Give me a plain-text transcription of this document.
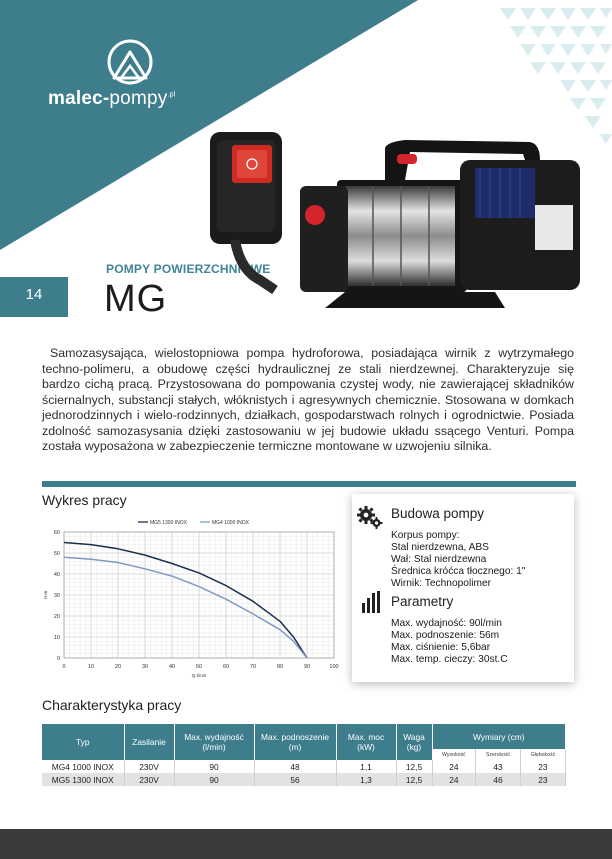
malec-pompy$^{.pl}$
14
POMPY POWIERZCHNIOWE
MG

Samozasysająca, wielostopniowa pompa hydroforowa, posiadająca wirnik z wytrzymałego techno-polimeru, a obudowę części hydraulicznej ze stali nierdzewnej. Charakteryzuje się bardzo cichą pracą. Przystosowana do pompowania czystej wody, nie zawierającej składników ściernalnych, substancji stałych, włóknistych i agresywnych chemicznie. Stosowana w domkach jednorodzinnych i wielo-rodzinnych, działkach, gospodarstwach rolnych i ogrodnictwie. Posiada zdolność samozasysania dzięki zastosowaniu w jej budowie układu ssącego Venturi. Pompa została wyposażona w zabezpieczenie termiczne montowane w uzwojeniu silnika.

Wykres pracy
0	10	20	30	40	50	60	70	80	90	100
0
10
20
30
40
50
60
Q-l/min
H-m
MG5 1300 INOX	MG4 1000 INOX
Budowa pompy
Korpus pompy:
Stal nierdzewna, ABS
Wał: Stal nierdzewna
Średnica króćca tłocznego: 1"
Wirnik: Technopolimer
Parametry
Max. wydajność: 90l/min
Max. podnoszenie: 56m
Max. ciśnienie: 5,6bar
Max. temp. cieczy: 30st.C
Charakterystyka pracy
Typ	Zasilanie	Max. wydajność (l/min)	Max. podnoszenie (m)	Max. moc (kW)	Waga (kg)	Wymiary (cm)		
						Wysokość	Szerokość	Głębokość
MG4 1000 INOX	230V	90	48	1,1	12,5	24	43	23
MG5 1300 INOX	230V	90	56	1,3	12,5	24	46	23
